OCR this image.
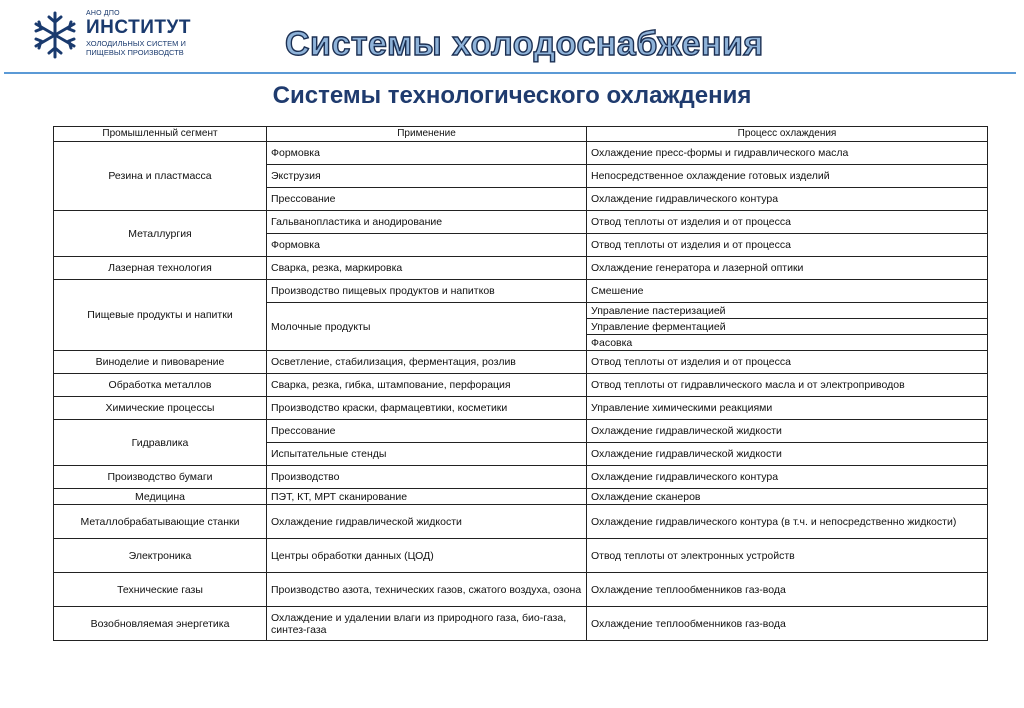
АНО ДПО
ИНСТИТУТ
ХОЛОДИЛЬНЫХ СИСТЕМ И
ПИЩЕВЫХ ПРОИЗВОДСТВ	Системы холодоснабжения
Системы технологического охлаждения
Промышленный сегмент	Применение	Процесс охлаждения
Резина и пластмасса	Формовка	Охлаждение пресс-формы и гидравлического масла
	Экструзия	Непосредственное охлаждение готовых изделий
	Прессование	Охлаждение гидравлического контура
Металлургия	Гальванопластика и анодирование	Отвод теплоты от изделия и от процесса
	Формовка	Отвод теплоты от изделия и от процесса
Лазерная технология	Сварка, резка, маркировка	Охлаждение генератора и лазерной оптики
Пищевые продукты и напитки	Производство пищевых продуктов и напитков	Смешение
	Молочные продукты	Управление пастеризацией
		Управление ферментацией
		Фасовка
Виноделие и пивоварение	Осветление, стабилизация, ферментация, розлив	Отвод теплоты от изделия и от процесса
Обработка металлов	Сварка, резка, гибка, штампование, перфорация	Отвод теплоты от гидравлического масла и от электроприводов
Химические процессы	Производство краски, фармацевтики, косметики	Управление химическими реакциями
Гидравлика	Прессование	Охлаждение гидравлической жидкости
	Испытательные стенды	Охлаждение гидравлической жидкости
Производство бумаги	Производство	Охлаждение гидравлического контура
Медицина	ПЭТ, КТ, МРТ сканирование	Охлаждение сканеров
Металлобрабатывающие станки	Охлаждение гидравлической жидкости	Охлаждение гидравлического контура (в т.ч. и непосредственно жидкости)
Электроника	Центры обработки данных (ЦОД)	Отвод теплоты от электронных устройств
Технические газы	Производство азота, технических газов, сжатого воздуха, озона	Охлаждение теплообменников газ-вода
Возобновляемая энергетика	Охлаждение и удалении влаги из природного газа, био-газа, синтез-газа	Охлаждение теплообменников газ-вода
